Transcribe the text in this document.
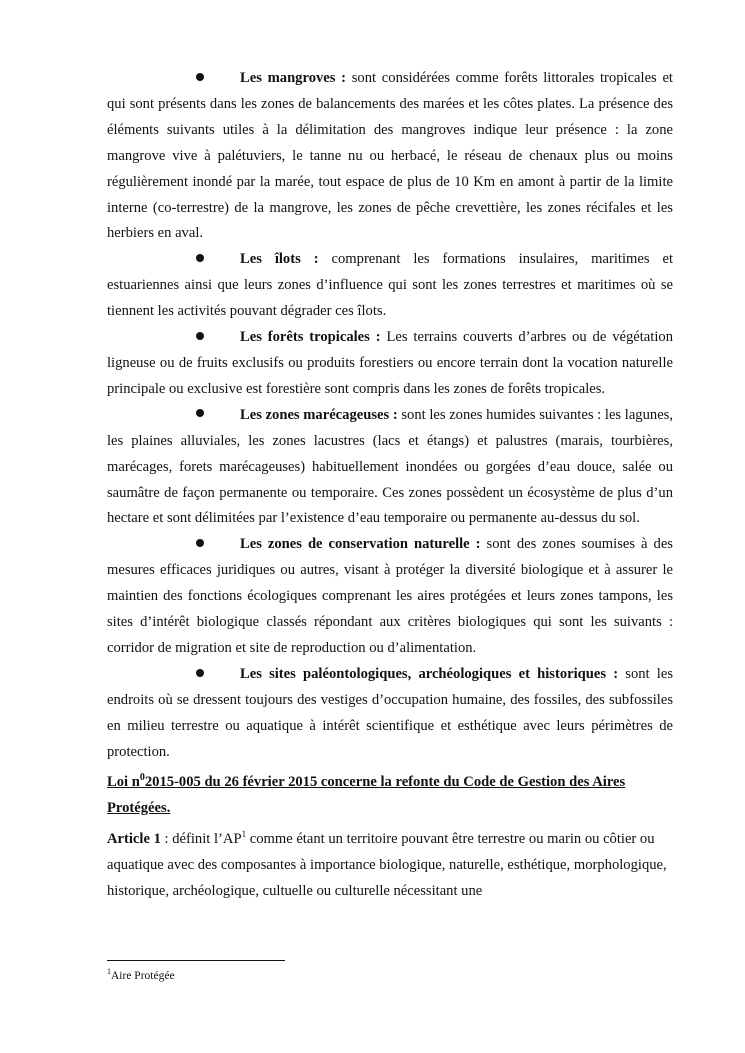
Les mangroves : sont considérées comme forêts littorales tropicales et qui sont présents dans les zones de balancements des marées et les côtes plates. La présence des éléments suivants utiles à la délimitation des mangroves indique leur présence : la zone mangrove vive à palétuviers, le tanne nu ou herbacé, le réseau de chenaux plus ou moins régulièrement inondé par la marée, tout espace de plus de 10 Km en amont à partir de la limite interne (co-terrestre) de la mangrove, les zones de pêche crevettière, les zones récifales et les herbiers en aval.

Les îlots : comprenant les formations insulaires, maritimes et estuariennes ainsi que leurs zones d’influence qui sont les zones terrestres et maritimes où se tiennent les activités pouvant dégrader ces îlots.

Les forêts tropicales : Les terrains couverts d’arbres ou de végétation ligneuse ou de fruits exclusifs ou produits forestiers ou encore terrain dont la vocation naturelle principale ou exclusive est forestière sont compris dans les zones de forêts tropicales.

Les zones marécageuses : sont les zones humides suivantes : les lagunes, les plaines alluviales, les zones lacustres (lacs et étangs) et palustres (marais, tourbières, marécages, forets marécageuses) habituellement inondées ou gorgées d’eau douce, salée ou saumâtre de façon permanente ou temporaire. Ces zones possèdent un écosystème de plus d’un hectare et sont délimitées par l’existence d’eau temporaire ou permanente au-dessus du sol.

Les zones de conservation naturelle : sont des zones soumises à des mesures efficaces juridiques ou autres, visant à protéger la diversité biologique et à assurer le maintien des fonctions écologiques comprenant les aires protégées et leurs zones tampons, les sites d’intérêt biologique classés répondant aux critères biologiques qui sont les suivants : corridor de migration et site de reproduction ou d’alimentation.

Les sites paléontologiques, archéologiques et historiques : sont les endroits où se dressent toujours des vestiges d’occupation humaine, des fossiles, des subfossiles en milieu terrestre ou aquatique à intérêt scientifique et esthétique avec leurs périmètres de protection.

Loi $n^02015-005$ du 26 février 2015 concerne la refonte du Code de Gestion des Aires Protégées.

Article 1 : définit $l’AP^1$ comme étant un territoire pouvant être terrestre ou marin ou côtier ou aquatique avec des composantes à importance biologique, naturelle, esthétique, morphologique, historique, archéologique, cultuelle ou culturelle nécessitant une

$^1$Aire Protégée
